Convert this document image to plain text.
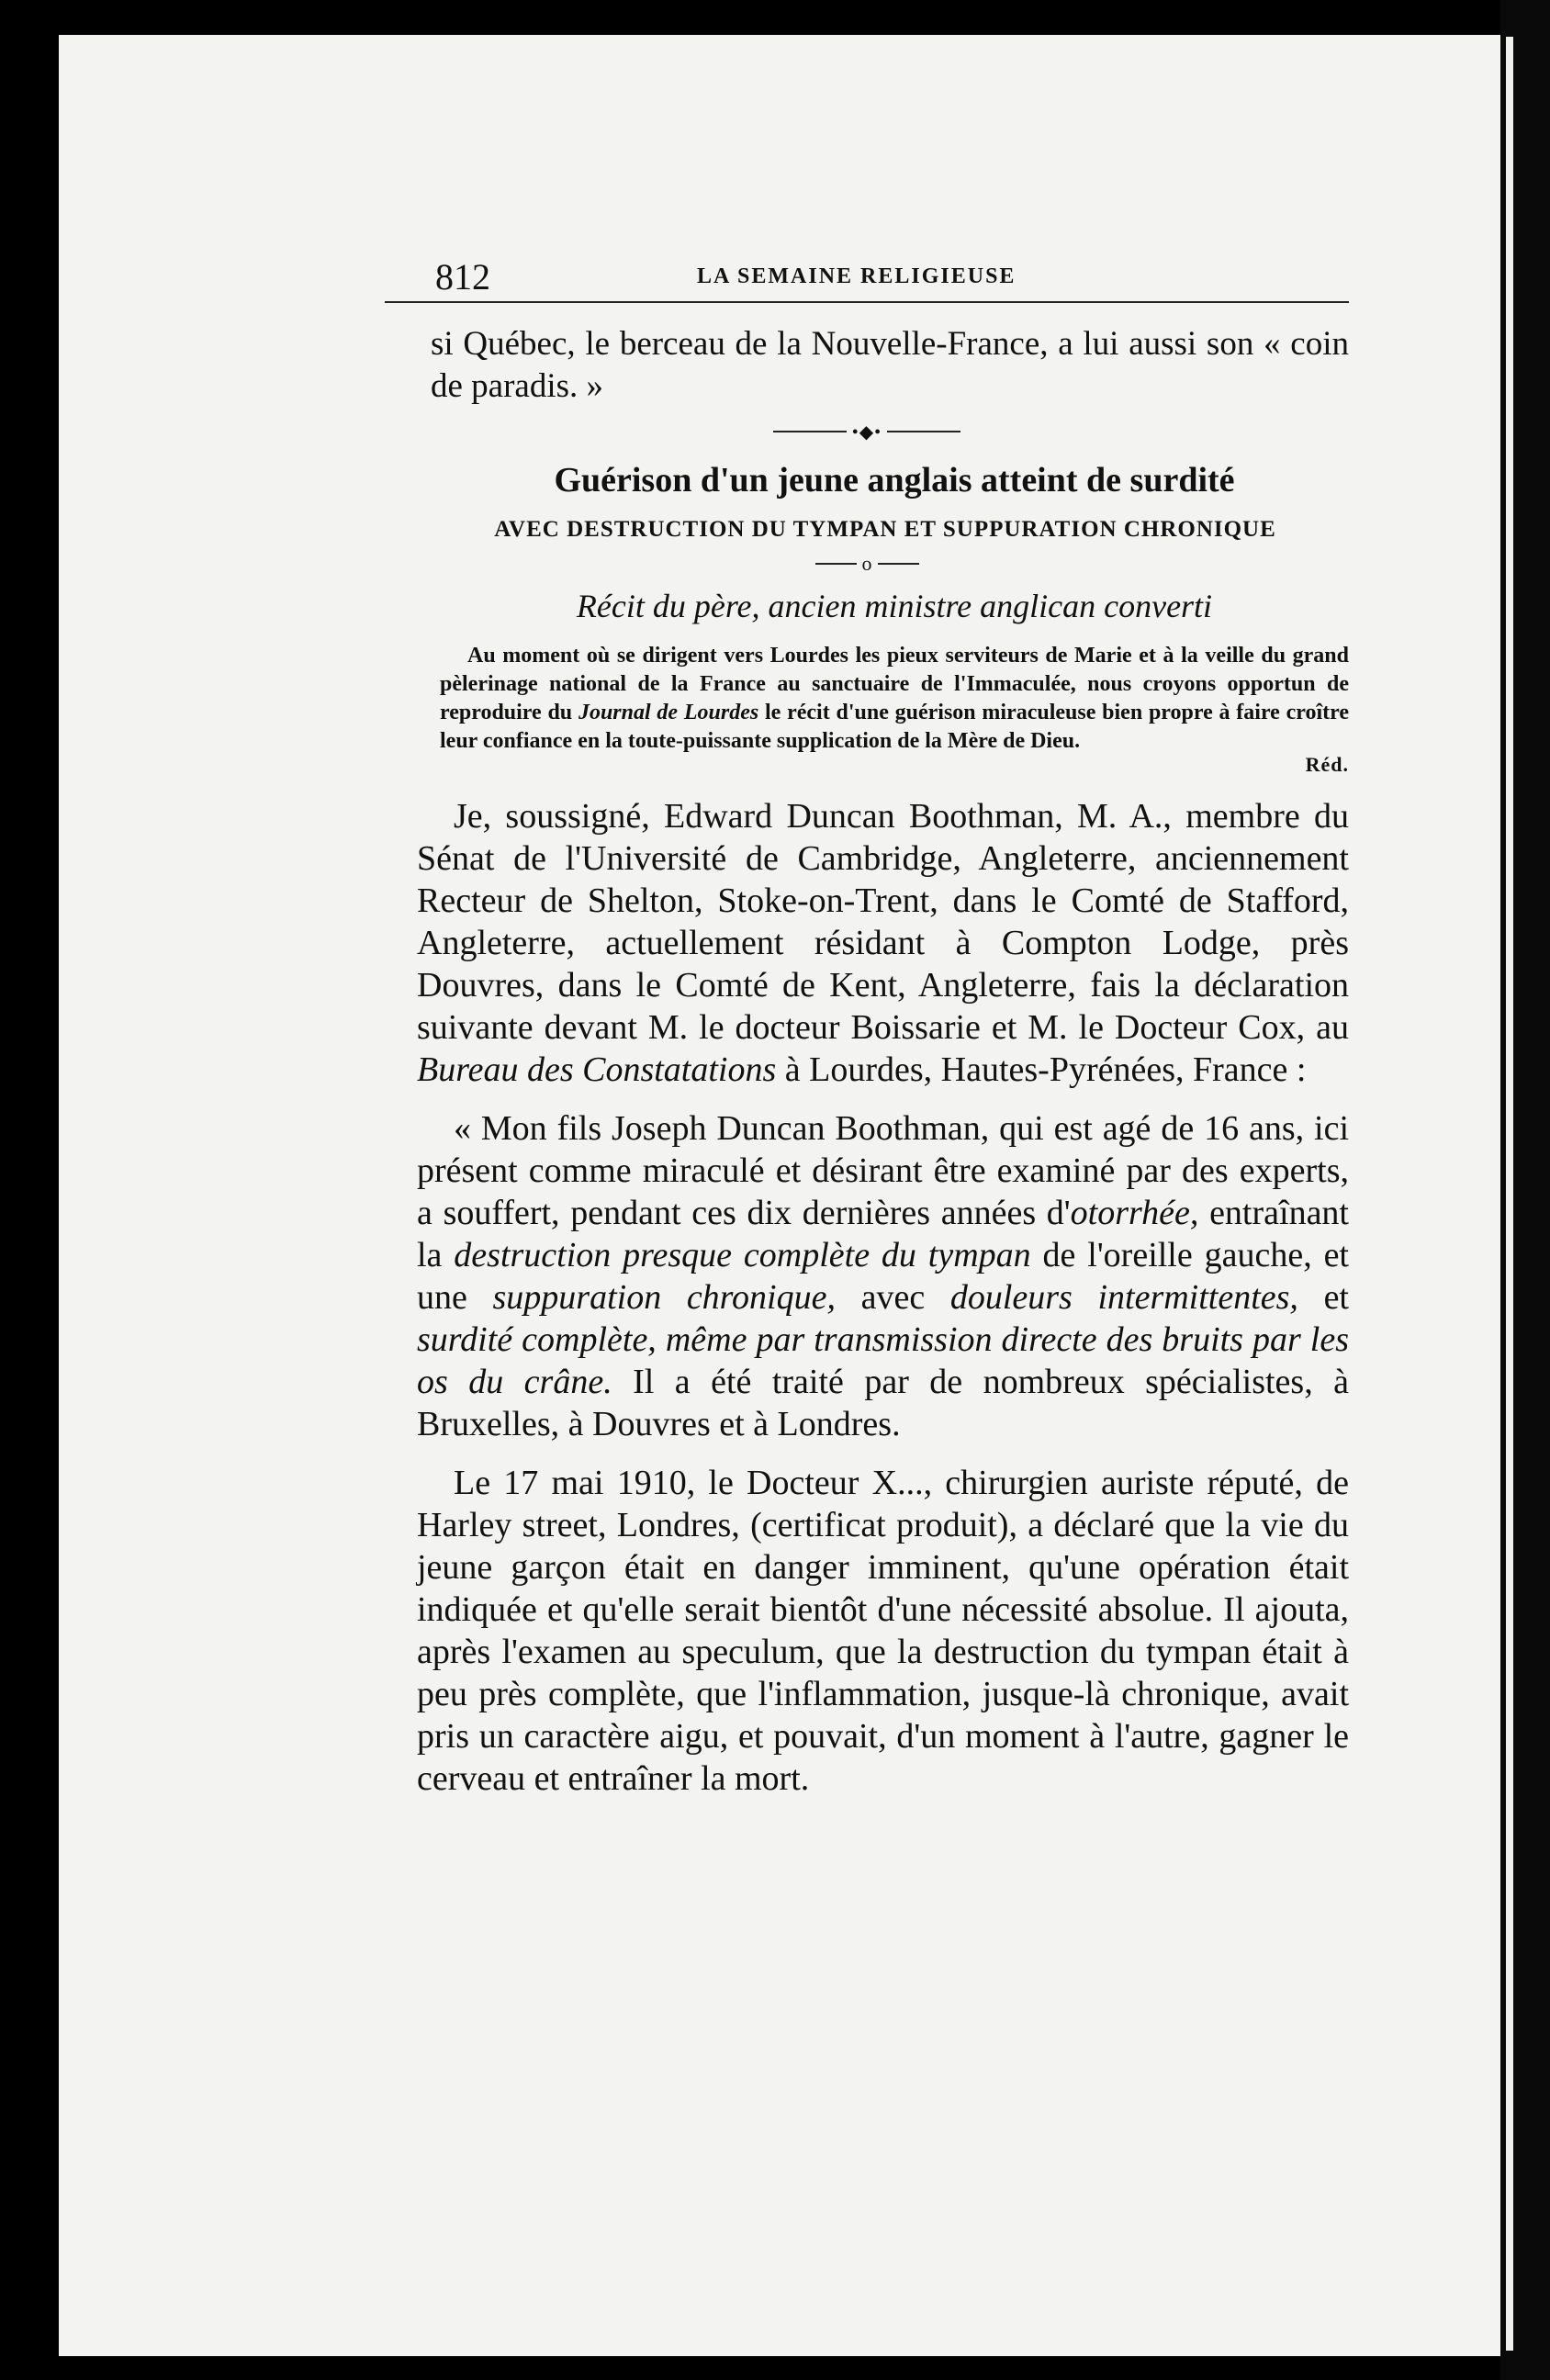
812	LA SEMAINE RELIGIEUSE

si Québec, le berceau de la Nouvelle-France, a lui aussi son « coin de paradis. »

•◆•
Guérison d'un jeune anglais atteint de surdité
AVEC DESTRUCTION DU TYMPAN ET SUPPURATION CHRONIQUE
o
Récit du père, ancien ministre anglican converti
Au moment où se dirigent vers Lourdes les pieux serviteurs de Marie et à la veille du grand pèlerinage national de la France au sanctuaire de l'Immaculée, nous croyons opportun de reproduire du Journal de Lourdes le récit d'une guérison miraculeuse bien propre à faire croître leur confiance en la toute-puissante supplication de la Mère de Dieu.
Réd.

Je, soussigné, Edward Duncan Boothman, M. A., membre du Sénat de l'Université de Cambridge, Angleterre, anciennement Recteur de Shelton, Stoke-on-Trent, dans le Comté de Stafford, Angleterre, actuellement résidant à Compton Lodge, près Douvres, dans le Comté de Kent, Angleterre, fais la déclaration suivante devant M. le docteur Boissarie et M. le Docteur Cox, au Bureau des Constatations à Lourdes, Hautes-Pyrénées, France :

« Mon fils Joseph Duncan Boothman, qui est agé de 16 ans, ici présent comme miraculé et désirant être examiné par des experts, a souffert, pendant ces dix dernières années d'otorrhée, entraînant la destruction presque complète du tympan de l'oreille gauche, et une suppuration chronique, avec douleurs intermittentes, et surdité complète, même par transmission directe des bruits par les os du crâne. Il a été traité par de nombreux spécialistes, à Bruxelles, à Douvres et à Londres.

Le 17 mai 1910, le Docteur X..., chirurgien auriste réputé, de Harley street, Londres, (certificat produit), a déclaré que la vie du jeune garçon était en danger imminent, qu'une opération était indiquée et qu'elle serait bientôt d'une nécessité absolue. Il ajouta, après l'examen au speculum, que la destruction du tympan était à peu près complète, que l'inflammation, jusque-là chronique, avait pris un caractère aigu, et pouvait, d'un moment à l'autre, gagner le cerveau et entraîner la mort.
